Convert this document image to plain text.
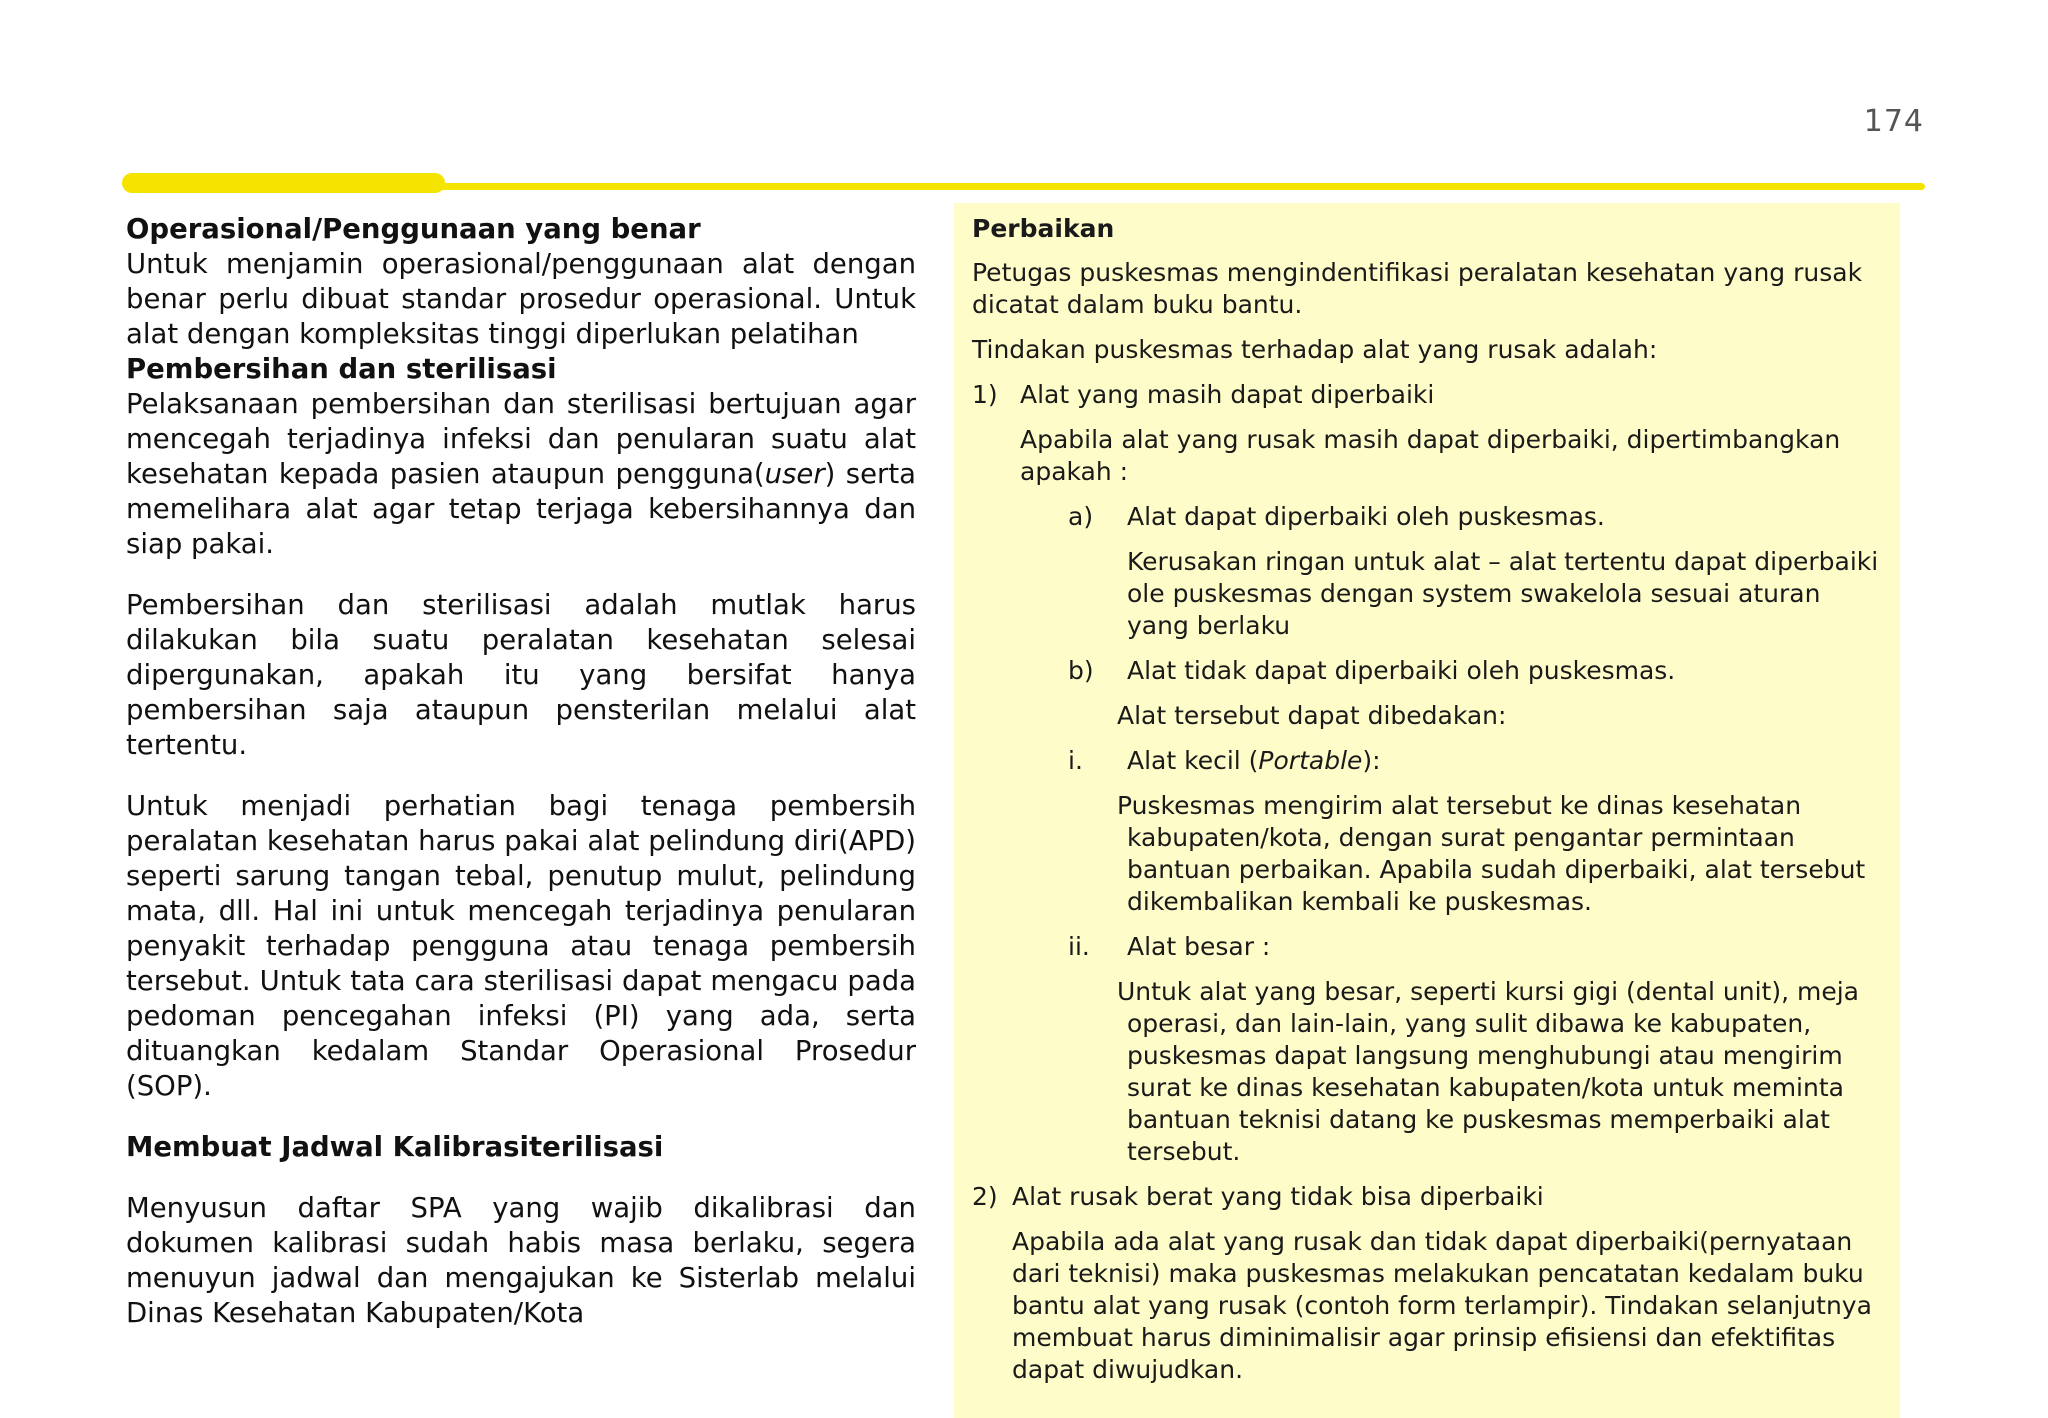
174
Operasional/Penggunaan yang benar

Untuk menjamin operasional/penggunaan alat dengan benar perlu dibuat standar prosedur operasional. Untuk alat dengan kompleksitas tinggi diperlukan pelatihan

Pembersihan dan sterilisasi

Pelaksanaan pembersihan dan sterilisasi bertujuan agar mencegah terjadinya infeksi dan penularan suatu alat kesehatan kepada pasien ataupun pengguna(user) serta memelihara alat agar tetap terjaga kebersihannya dan siap pakai.

Pembersihan dan sterilisasi adalah mutlak harus dilakukan bila suatu peralatan kesehatan selesai dipergunakan, apakah itu yang bersifat hanya pembersihan saja ataupun pensterilan melalui alat tertentu.

Untuk menjadi perhatian bagi tenaga pembersih peralatan kesehatan harus pakai alat pelindung diri(APD) seperti sarung tangan tebal, penutup mulut, pelindung mata, dll. Hal ini untuk mencegah terjadinya penularan penyakit terhadap pengguna atau tenaga pembersih tersebut. Untuk tata cara sterilisasi dapat mengacu pada pedoman pencegahan infeksi (PI) yang ada, serta dituangkan kedalam Standar Operasional Prosedur (SOP).

Membuat Jadwal Kalibrasiterilisasi

Menyusun daftar SPA yang wajib dikalibrasi dan dokumen kalibrasi sudah habis masa berlaku, segera menuyun jadwal dan mengajukan ke Sisterlab melalui Dinas Kesehatan Kabupaten/Kota

Perbaikan

Petugas puskesmas mengindentifikasi peralatan kesehatan yang rusak dicatat dalam buku bantu.

Tindakan puskesmas terhadap alat yang rusak adalah:

1) Alat yang masih dapat diperbaiki

Apabila alat yang rusak masih dapat diperbaiki, dipertimbangkan apakah :

a) Alat dapat diperbaiki oleh puskesmas.

Kerusakan ringan untuk alat – alat tertentu dapat diperbaiki ole puskesmas dengan system swakelola sesuai aturan yang berlaku

b) Alat tidak dapat diperbaiki oleh puskesmas.

Alat tersebut dapat dibedakan:

i. Alat kecil (Portable):

Puskesmas mengirim alat tersebut ke dinas kesehatan kabupaten/kota, dengan surat pengantar permintaan bantuan perbaikan. Apabila sudah diperbaiki, alat tersebut dikembalikan kembali ke puskesmas.

ii. Alat besar :

Untuk alat yang besar, seperti kursi gigi (dental unit), meja operasi, dan lain-lain, yang sulit dibawa ke kabupaten, puskesmas dapat langsung menghubungi atau mengirim surat ke dinas kesehatan kabupaten/kota untuk meminta bantuan teknisi datang ke puskesmas memperbaiki alat tersebut.

2) Alat rusak berat yang tidak bisa diperbaiki

Apabila ada alat yang rusak dan tidak dapat diperbaiki(pernyataan dari teknisi) maka puskesmas melakukan pencatatan kedalam buku bantu alat yang rusak (contoh form terlampir). Tindakan selanjutnya membuat harus diminimalisir agar prinsip efisiensi dan efektifitas dapat diwujudkan.
